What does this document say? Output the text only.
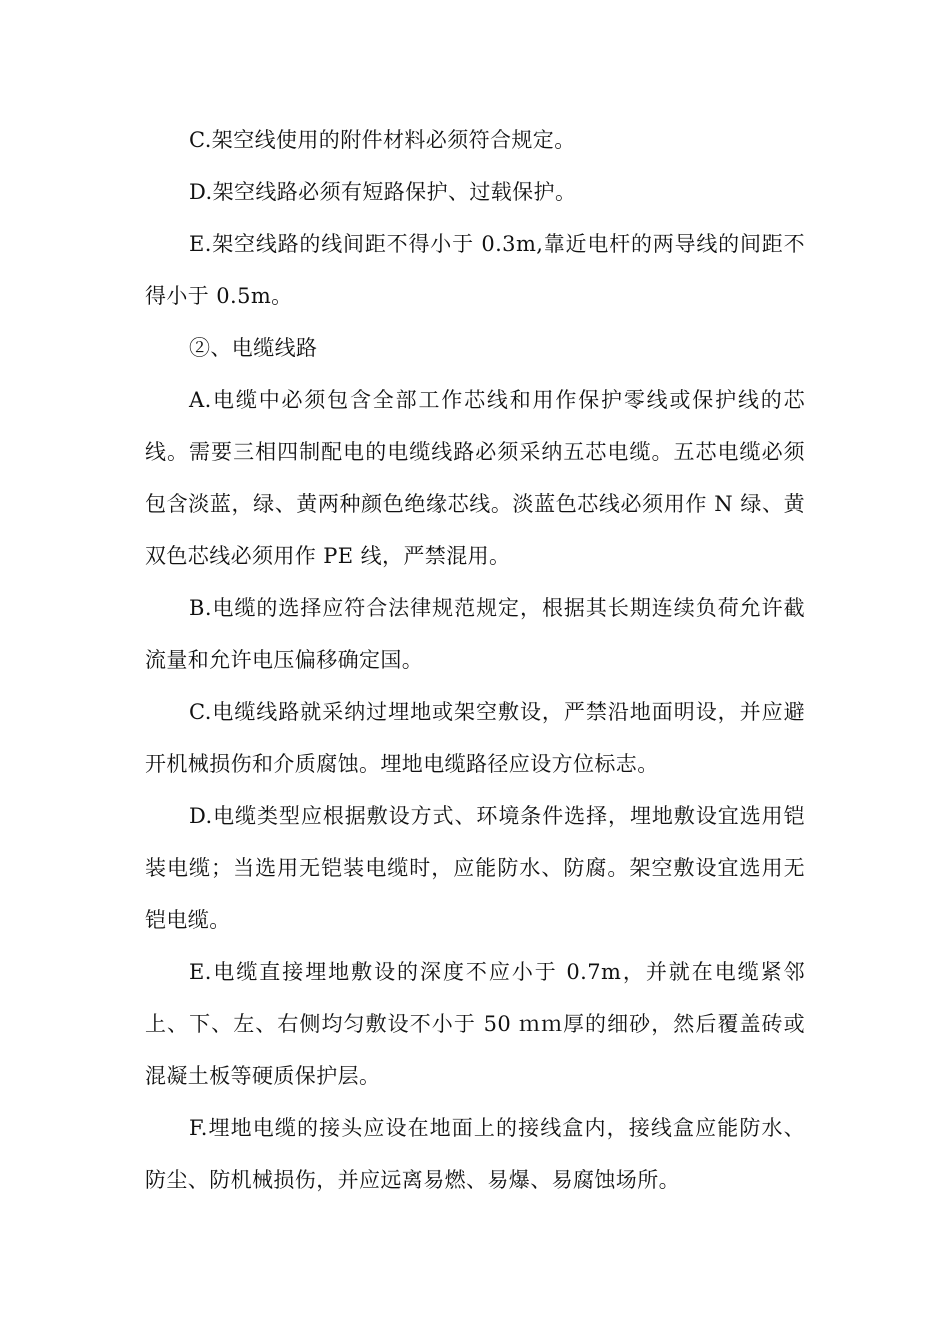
C.架空线使用的附件材料必须符合规定。

D.架空线路必须有短路保护、过载保护。

E.架空线路的线间距不得小于 0.3m,靠近电杆的两导线的间距不得小于 0.5m。

②、电缆线路

A.电缆中必须包含全部工作芯线和用作保护零线或保护线的芯线。需要三相四制配电的电缆线路必须采纳五芯电缆。五芯电缆必须包含淡蓝，绿、黄两种颜色绝缘芯线。淡蓝色芯线必须用作 N 绿、黄双色芯线必须用作 PE 线，严禁混用。

B.电缆的选择应符合法律规范规定，根据其长期连续负荷允许截流量和允许电压偏移确定国。

C.电缆线路就采纳过埋地或架空敷设，严禁沿地面明设，并应避开机械损伤和介质腐蚀。埋地电缆路径应设方位标志。

D.电缆类型应根据敷设方式、环境条件选择，埋地敷设宜选用铠装电缆；当选用无铠装电缆时，应能防水、防腐。架空敷设宜选用无铠电缆。

E.电缆直接埋地敷设的深度不应小于 0.7m，并就在电缆紧邻上、下、左、右侧均匀敷设不小于 50 ｍｍ厚的细砂，然后覆盖砖或混凝土板等硬质保护层。

F.埋地电缆的接头应设在地面上的接线盒内，接线盒应能防水、防尘、防机械损伤，并应远离易燃、易爆、易腐蚀场所。
